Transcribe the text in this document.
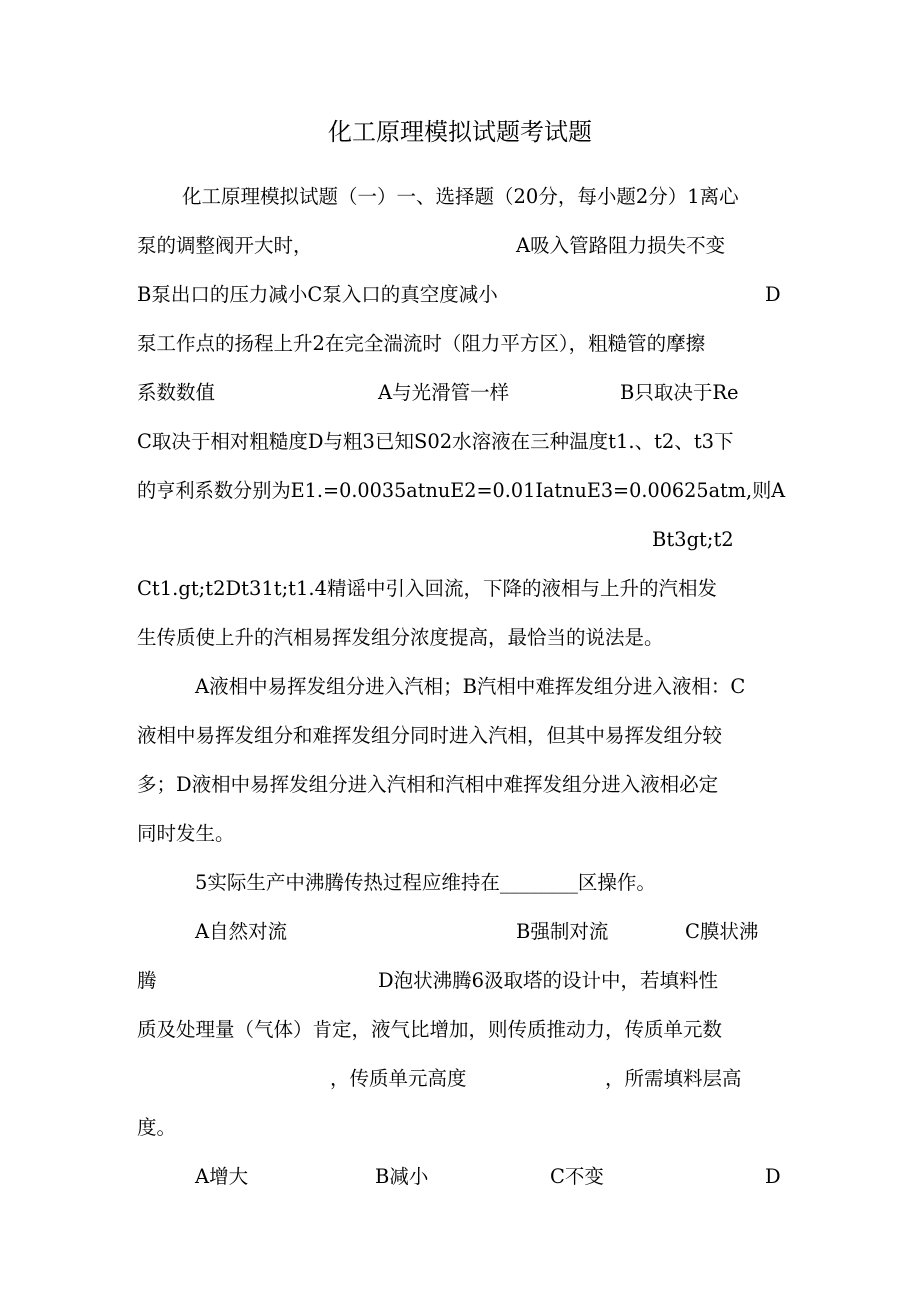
化工原理模拟试题考试题
化工原理模拟试题（一）一、选择题（20分，每小题2分）1离心
泵的调整阀开大时，	A吸入管路阻力损失不变
B泵出口的压力减小C泵入口的真空度减小	D
泵工作点的扬程上升2在完全湍流时（阻力平方区），粗糙管的摩擦
系数数值	A与光滑管一样	B只取决于Re
C取决于相对粗糙度D与粗3已知S02水溶液在三种温度t1.、t2、t3下
的亨利系数分别为E1.=0.0035atnuE2=0.01IatnuE3=0.00625atm,则A
Bt3gt;t2
Ct1.gt;t2Dt31t;t1.4精谣中引入回流，下降的液相与上升的汽相发
生传质使上升的汽相易挥发组分浓度提高，最恰当的说法是。
A液相中易挥发组分进入汽相；B汽相中难挥发组分进入液相：C
液相中易挥发组分和难挥发组分同时进入汽相，但其中易挥发组分较
多；D液相中易挥发组分进入汽相和汽相中难挥发组分进入液相必定
同时发生。
5实际生产中沸腾传热过程应维持在________区操作。
A自然对流	B强制对流	C膜状沸
腾	D泡状沸腾6汲取塔的设计中，若填料性
质及处理量（气体）肯定，液气比增加，则传质推动力，传质单元数
，传质单元高度	，所需填料层高
度。
A增大	B减小	C不变	D
